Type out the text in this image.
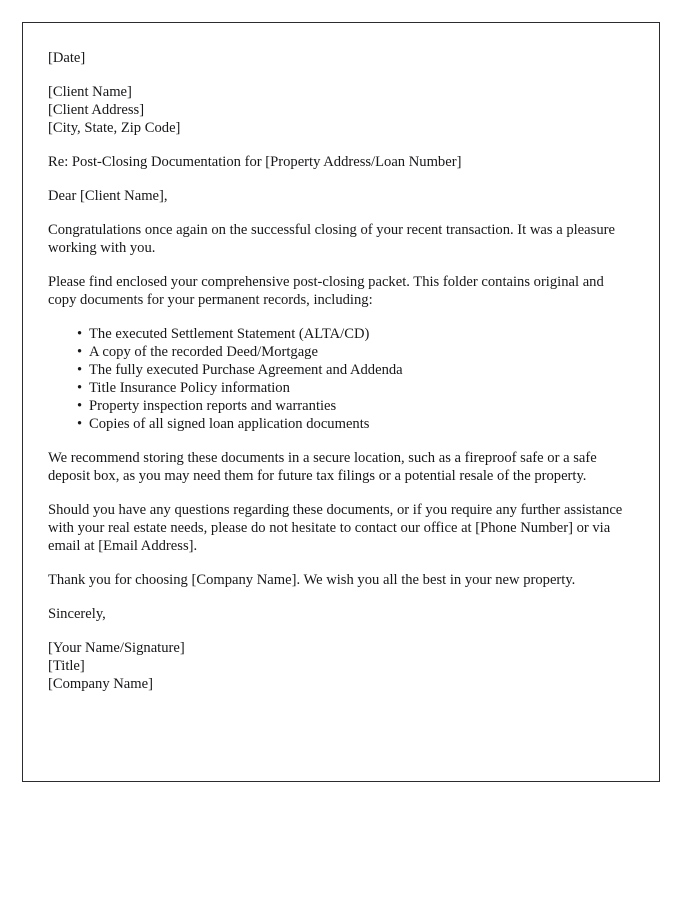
[Date]

[Client Name]

[Client Address]

[City, State, Zip Code]

Re: Post-Closing Documentation for [Property Address/Loan Number]

Dear [Client Name],

Congratulations once again on the successful closing of your recent transaction. It was a pleasure working with you.

Please find enclosed your comprehensive post-closing packet. This folder contains original and copy documents for your permanent records, including:

• The executed Settlement Statement (ALTA/CD)
• A copy of the recorded Deed/Mortgage
• The fully executed Purchase Agreement and Addenda
• Title Insurance Policy information
• Property inspection reports and warranties
• Copies of all signed loan application documents

We recommend storing these documents in a secure location, such as a fireproof safe or a safe deposit box, as you may need them for future tax filings or a potential resale of the property.

Should you have any questions regarding these documents, or if you require any further assistance with your real estate needs, please do not hesitate to contact our office at [Phone Number] or via email at [Email Address].

Thank you for choosing [Company Name]. We wish you all the best in your new property.

Sincerely,

[Your Name/Signature]

[Title]

[Company Name]
